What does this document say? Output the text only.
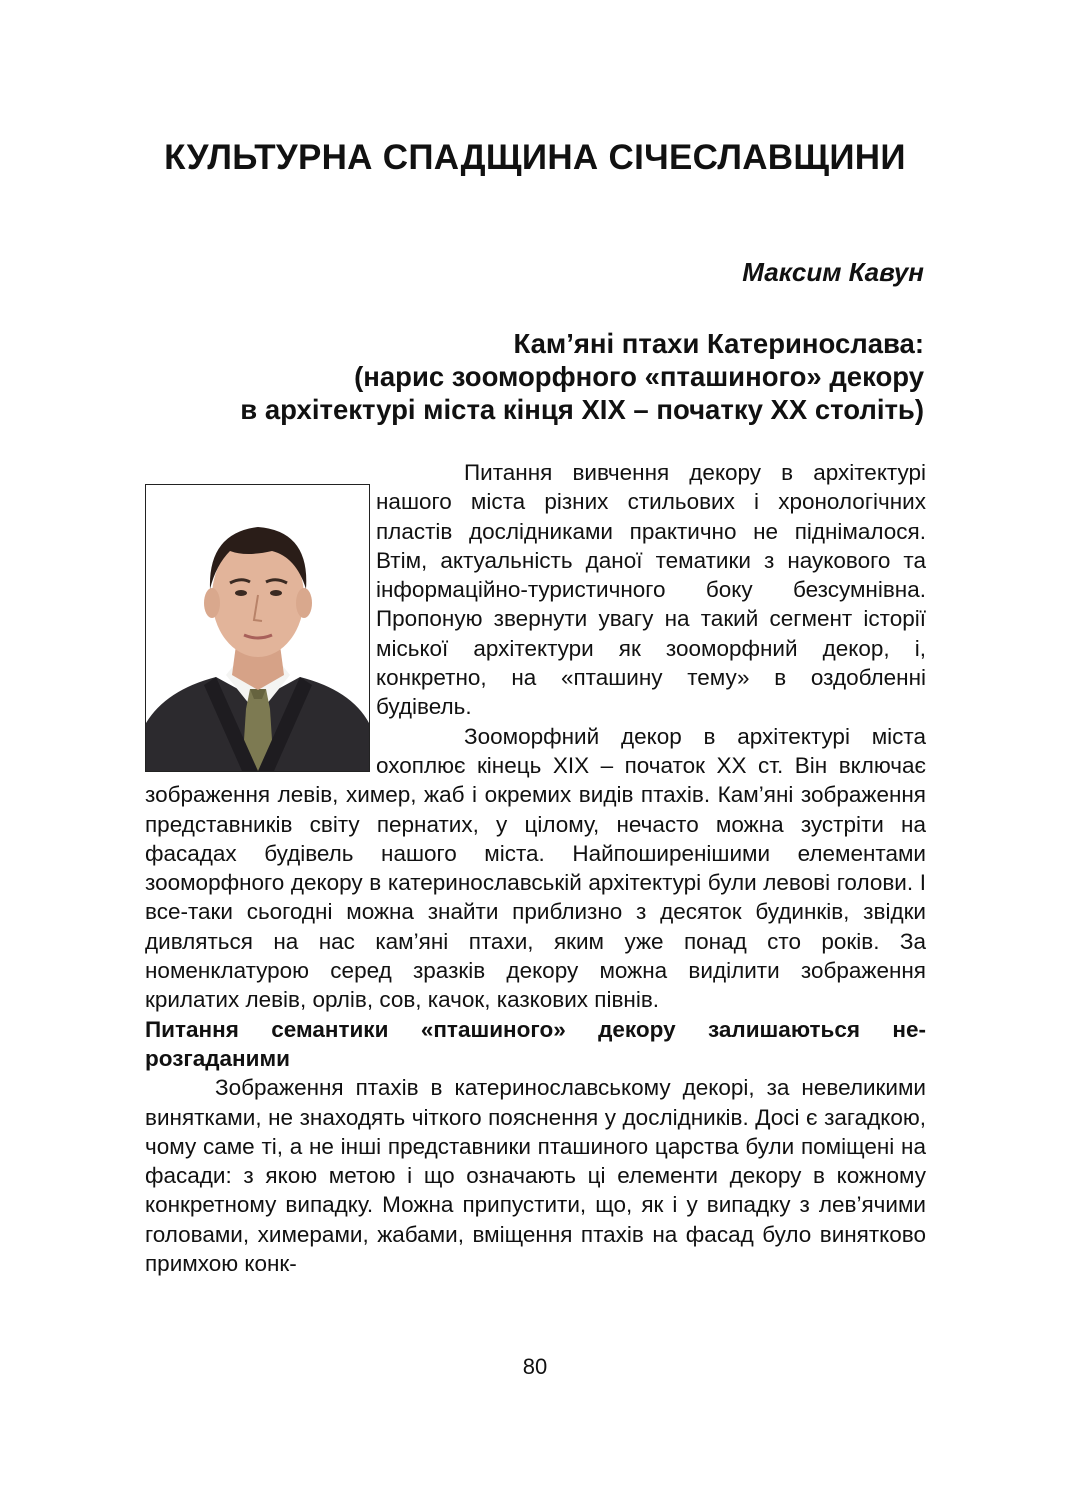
КУЛЬТУРНА СПАДЩИНА СІЧЕСЛАВЩИНИ
Максим Кавун
Кам’яні птахи Катеринослава:
(нарис зооморфного «пташиного» декору
в архітектурі міста кінця ХІХ – початку ХХ століть)

Питання вивчення декору в архітектурі нашого міста різних стильових і хронологічних пластів дослідниками практично не піднімалося. Втім, актуальність даної тематики з наукового та інформаційно-туристичного боку безсумнівна. Пропоную звернути увагу на такий сегмент історії міської архітектури як зооморфний декор, і, конкретно, на «пташину тему» в оздобленні будівель.

Зооморфний декор в архітектурі міста охоплює кінець XIX – початок XX ст. Він включає зображення левів, химер, жаб і окремих видів птахів. Кам’яні зображення представників світу пернатих, у цілому, нечасто можна зустріти на фасадах будівель нашого міста. Найпоширенішими елементами зооморфного декору в катеринославській архітектурі були левові голови. І все-таки сьогодні можна знайти приблизно з десяток будинків, звідки дивляться на нас кам’яні птахи, яким уже понад сто років. За номенклатурою серед зразків декору можна виділити зображення крилатих левів, орлів, сов, качок, казкових півнів.

Питання семантики «пташиного» декору залишаються нерозгаданими

Зображення птахів в катеринославському декорі, за невеликими винятками, не знаходять чіткого пояснення у дослідників. Досі є загадкою, чому саме ті, а не інші представники пташиного царства були поміщені на фасади: з якою метою і що означають ці елементи декору в кожному конкретному випадку. Можна припустити, що, як і у випадку з лев’ячими головами, химерами, жабами, вміщення птахів на фасад було винятково примхою конк-

80
